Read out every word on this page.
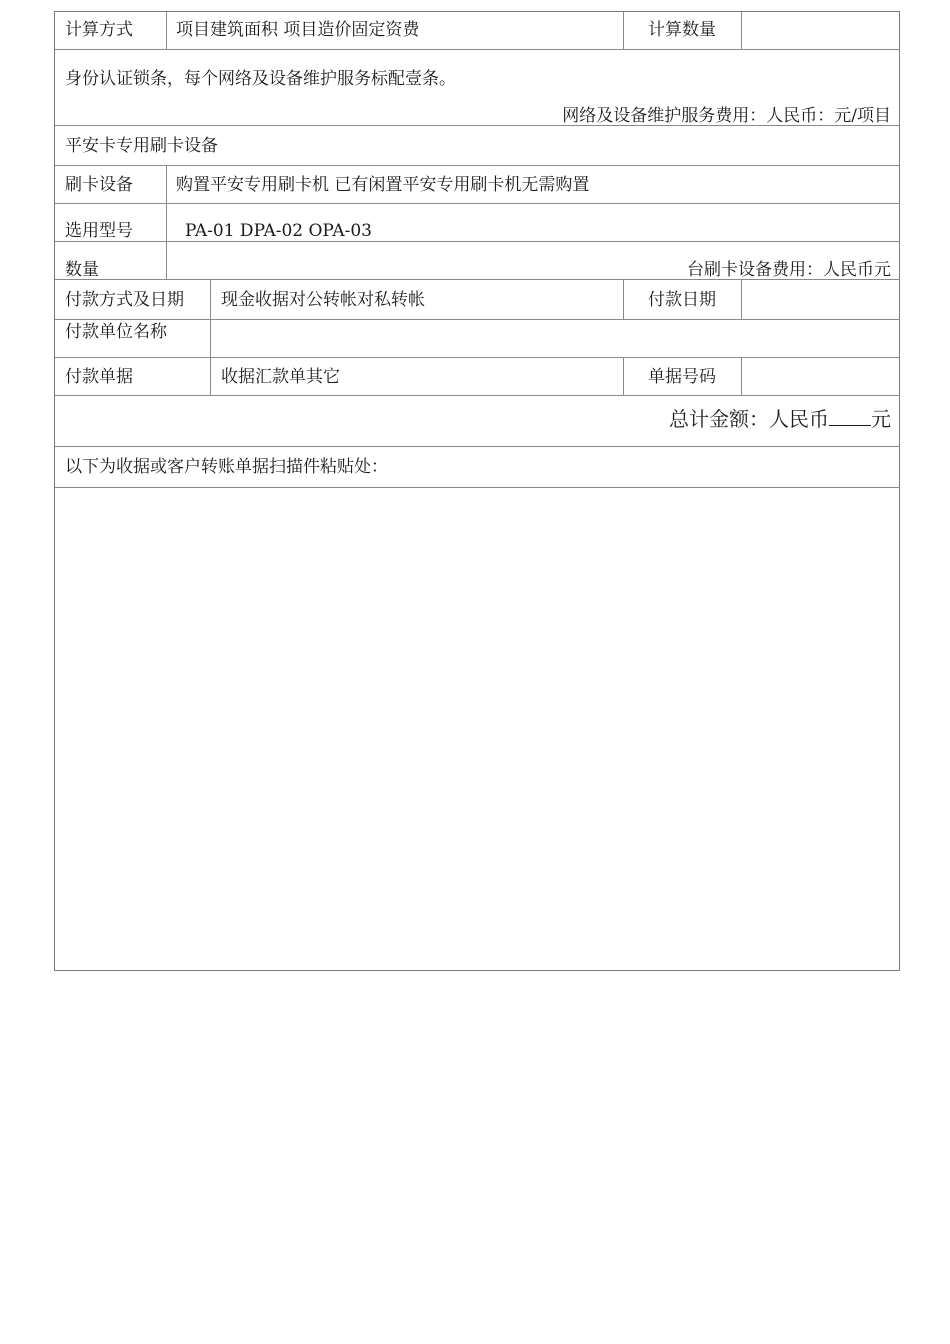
计算方式	项目建筑面积 项目造价固定资费	计算数量
身份认证锁条，每个网络及设备维护服务标配壹条。
网络及设备维护服务费用：人民币：元/项目
平安卡专用刷卡设备
刷卡设备	购置平安专用刷卡机 已有闲置平安专用刷卡机无需购置
选用型号	PA-01 DPA-02 OPA-03
数量	台刷卡设备费用：人民币元
付款方式及日期 现金收据对公转帐对私转帐	付款日期
付款单位名称
付款单据	收据汇款单其它	单据号码
总计金额：人民币 元
以下为收据或客户转账单据扫描件粘贴处：
